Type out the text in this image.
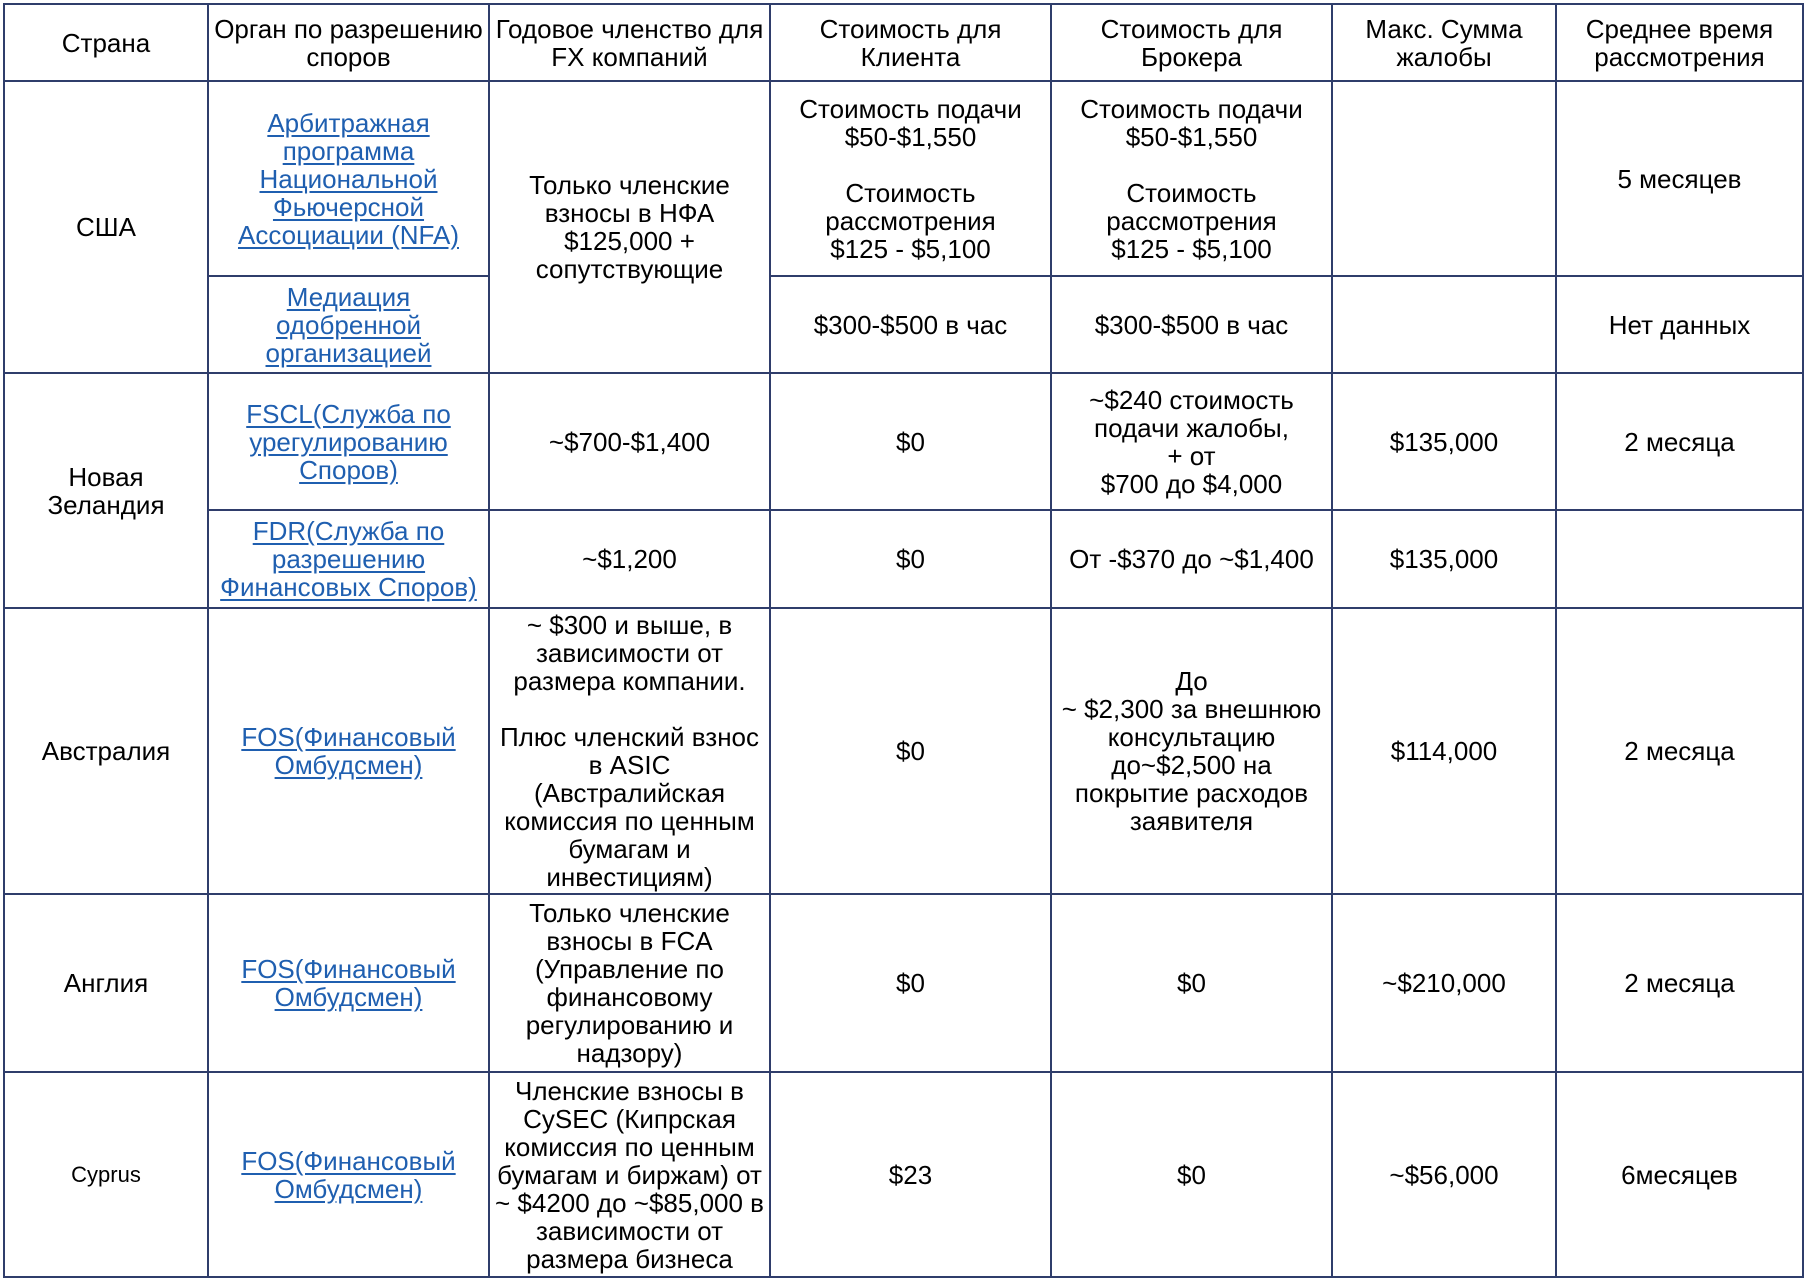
Страна	Орган по разрешению споров	Годовое членство для FX компаний	Стоимость для Клиента	Стоимость для Брокера	Макс. Сумма жалобы	Среднее время рассмотрения
США	Арбитражная программа Национальной Фьючерсной Ассоциации (NFA)	Только членские взносы в НФА $125,000 + сопутствующие	Стоимость подачи
$50-$1,550

Стоимость рассмотрения
$125 - $5,100	Стоимость подачи
$50-$1,550

Стоимость рассмотрения
$125 - $5,100		5 месяцев
	Медиация одобренной организацией		$300-$500 в час	$300-$500 в час		Нет данных
Новая Зеландия	FSCL(Служба по урегулированию Споров)	~$700-$1,400	$0	~$240 стоимость подачи жалобы,
+ от
$700 до $4,000	$135,000	2 месяца
	FDR(Служба по разрешению Финансовых Споров)	~$1,200	$0	От -$370 до ~$1,400	$135,000	
Австралия	FOS(Финансовый Омбудсмен)	~ $300 и выше, в зависимости от размера компании.

Плюс членский взнос в ASIC (Австралийская комиссия по ценным бумагам и инвестициям)	$0	До
~ $2,300 за внешнюю консультацию
до~$2,500 на покрытие расходов заявителя	$114,000	2 месяца
Англия	FOS(Финансовый Омбудсмен)	Только членские взносы в FCA (Управление по финансовому регулированию и надзору)	$0	$0	~$210,000	2 месяца
Cyprus	FOS(Финансовый Омбудсмен)	Членские взносы в CySEC (Кипрская комиссия по ценным бумагам и биржам) от ~ $4200 до ~$85,000 в зависимости от размера бизнеса	$23	$0	~$56,000	6месяцев
